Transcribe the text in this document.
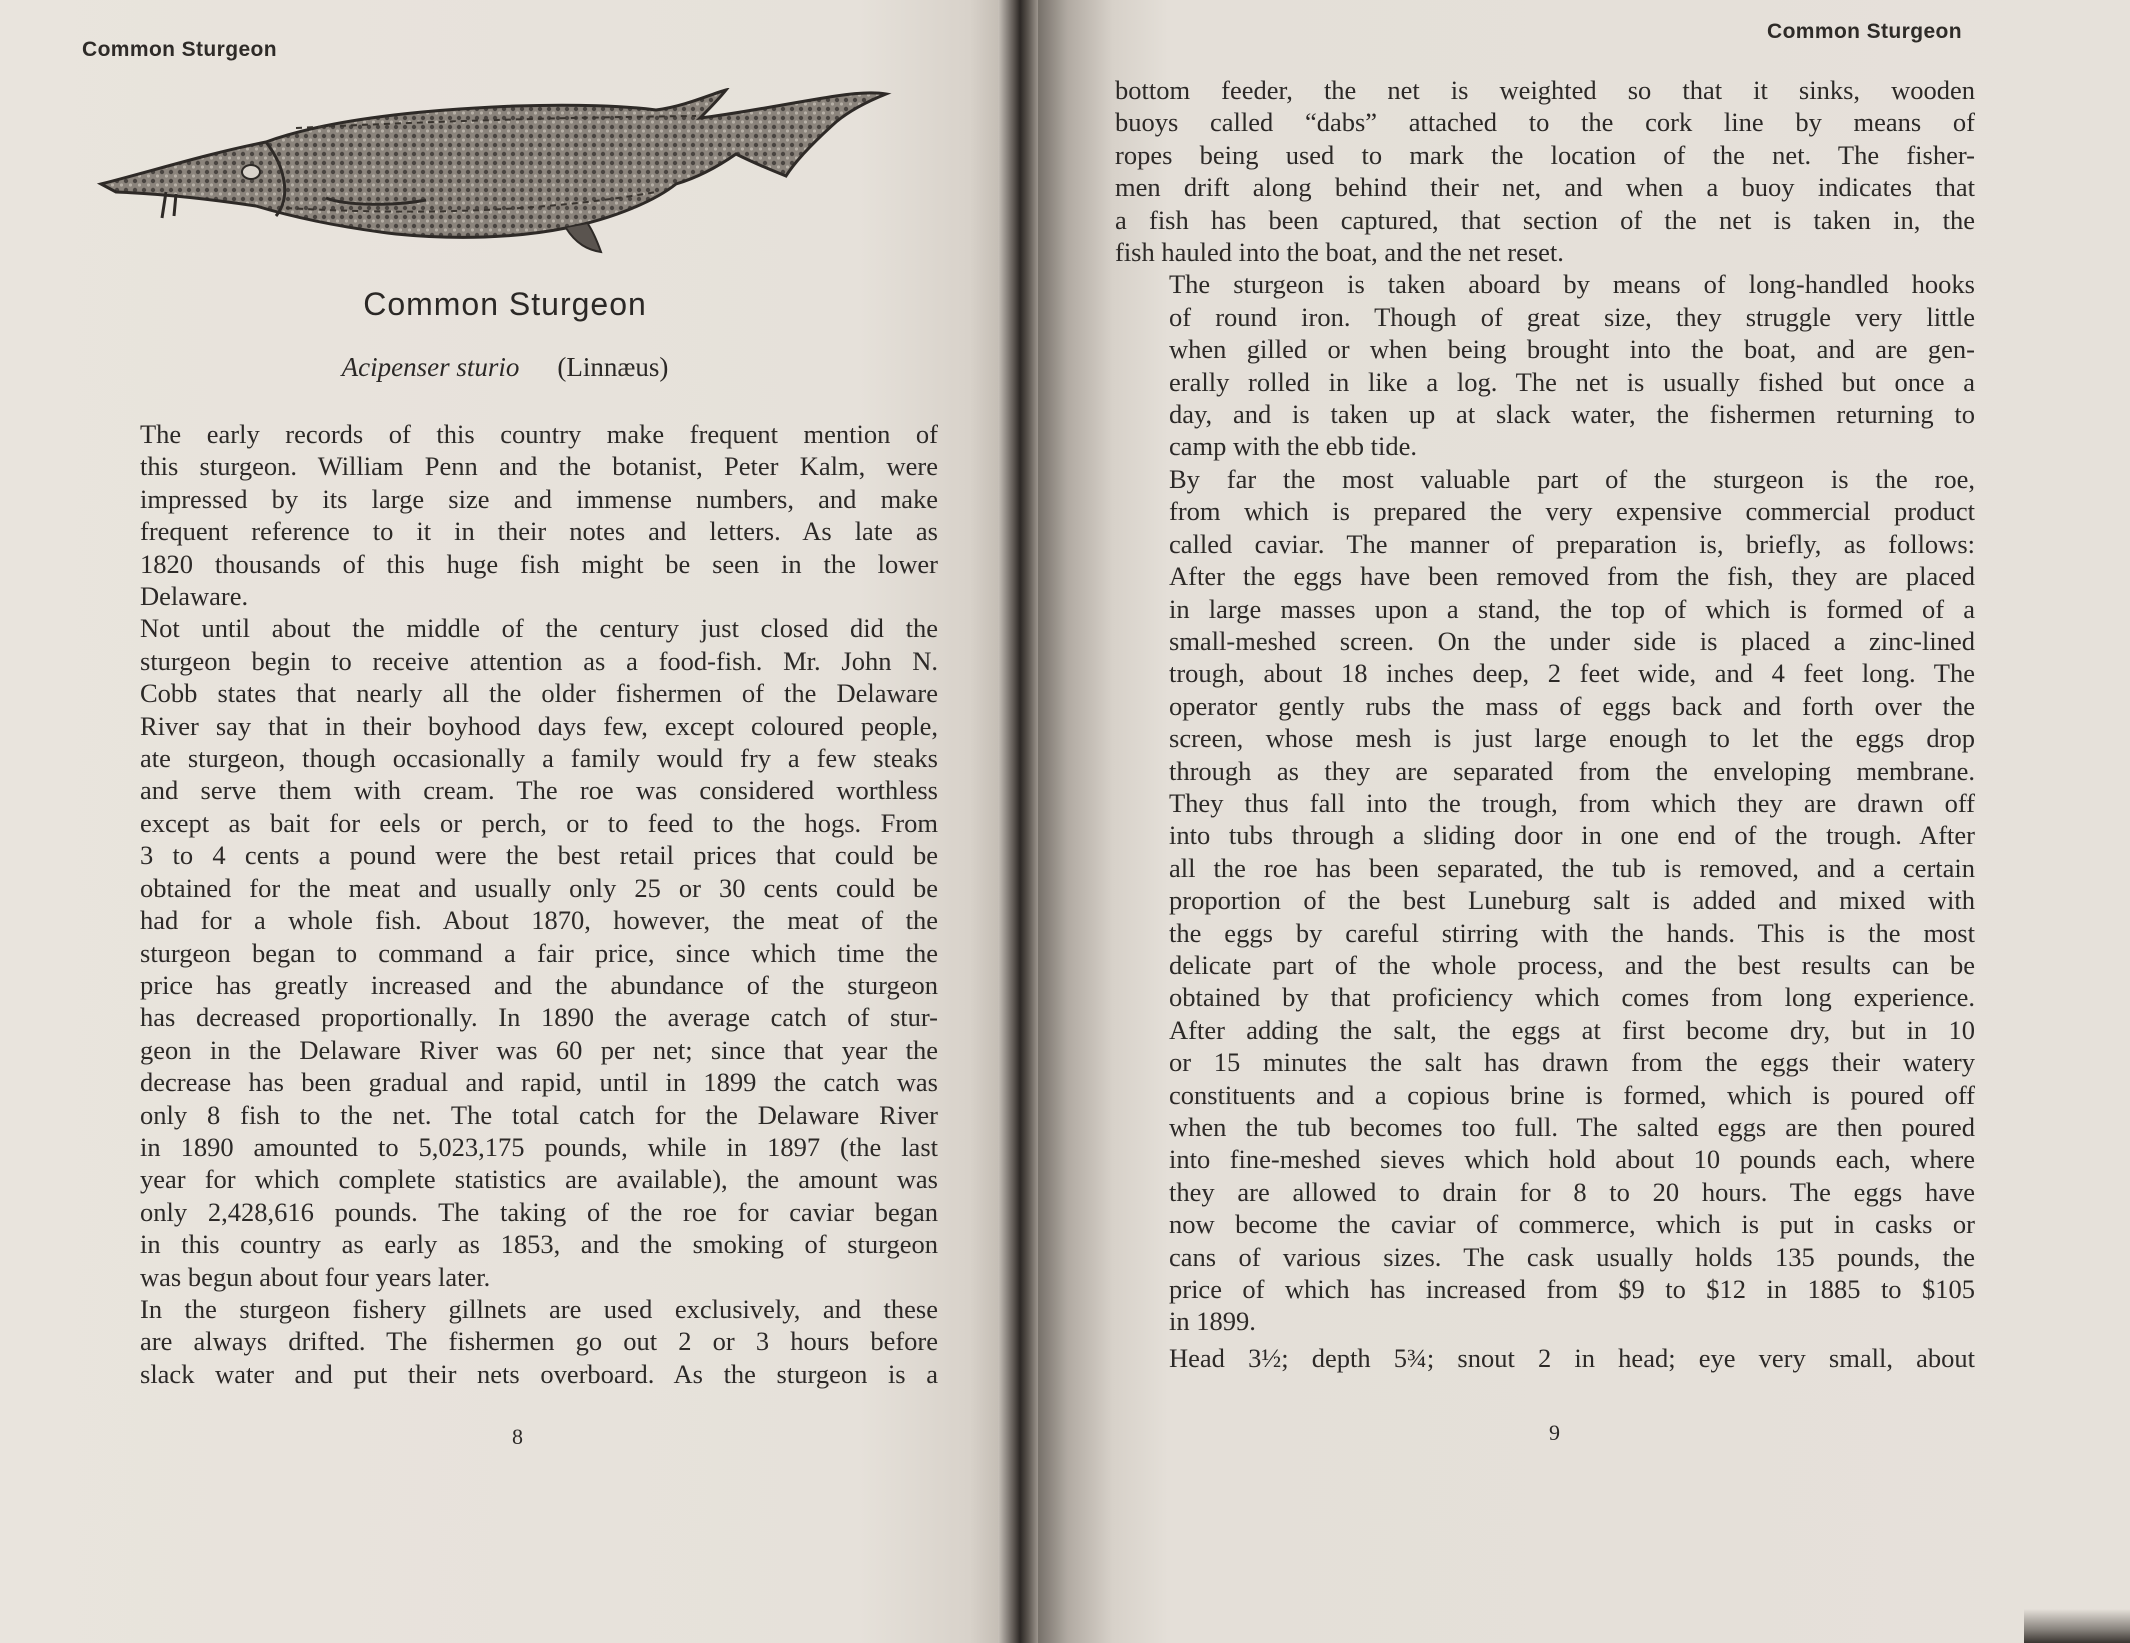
Common Sturgeon
Common Sturgeon
Acipenser sturio (Linnæus)

The early records of this country make frequent mention of
this sturgeon. William Penn and the botanist, Peter Kalm, were
impressed by its large size and immense numbers, and make
frequent reference to it in their notes and letters. As late as
1820 thousands of this huge fish might be seen in the lower
Delaware.

Not until about the middle of the century just closed did the
sturgeon begin to receive attention as a food-fish. Mr. John N.
Cobb states that nearly all the older fishermen of the Delaware
River say that in their boyhood days few, except coloured people,
ate sturgeon, though occasionally a family would fry a few steaks
and serve them with cream. The roe was considered worthless
except as bait for eels or perch, or to feed to the hogs. From
3 to 4 cents a pound were the best retail prices that could be
obtained for the meat and usually only 25 or 30 cents could be
had for a whole fish. About 1870, however, the meat of the
sturgeon began to command a fair price, since which time the
price has greatly increased and the abundance of the sturgeon
has decreased proportionally. In 1890 the average catch of stur-
geon in the Delaware River was 60 per net; since that year the
decrease has been gradual and rapid, until in 1899 the catch was
only 8 fish to the net. The total catch for the Delaware River
in 1890 amounted to 5,023,175 pounds, while in 1897 (the last
year for which complete statistics are available), the amount was
only 2,428,616 pounds. The taking of the roe for caviar began
in this country as early as 1853, and the smoking of sturgeon
was begun about four years later.

In the sturgeon fishery gillnets are used exclusively, and these
are always drifted. The fishermen go out 2 or 3 hours before
slack water and put their nets overboard. As the sturgeon is a

8
Common Sturgeon

bottom feeder, the net is weighted so that it sinks, wooden
buoys called “dabs” attached to the cork line by means of
ropes being used to mark the location of the net. The fisher-
men drift along behind their net, and when a buoy indicates that
a fish has been captured, that section of the net is taken in, the
fish hauled into the boat, and the net reset.

The sturgeon is taken aboard by means of long-handled hooks
of round iron. Though of great size, they struggle very little
when gilled or when being brought into the boat, and are gen-
erally rolled in like a log. The net is usually fished but once a
day, and is taken up at slack water, the fishermen returning to
camp with the ebb tide.

By far the most valuable part of the sturgeon is the roe,
from which is prepared the very expensive commercial product
called caviar. The manner of preparation is, briefly, as follows:
After the eggs have been removed from the fish, they are placed
in large masses upon a stand, the top of which is formed of a
small-meshed screen. On the under side is placed a zinc-lined
trough, about 18 inches deep, 2 feet wide, and 4 feet long. The
operator gently rubs the mass of eggs back and forth over the
screen, whose mesh is just large enough to let the eggs drop
through as they are separated from the enveloping membrane.
They thus fall into the trough, from which they are drawn off
into tubs through a sliding door in one end of the trough. After
all the roe has been separated, the tub is removed, and a certain
proportion of the best Luneburg salt is added and mixed with
the eggs by careful stirring with the hands. This is the most
delicate part of the whole process, and the best results can be
obtained by that proficiency which comes from long experience.
After adding the salt, the eggs at first become dry, but in 10
or 15 minutes the salt has drawn from the eggs their watery
constituents and a copious brine is formed, which is poured off
when the tub becomes too full. The salted eggs are then poured
into fine-meshed sieves which hold about 10 pounds each, where
they are allowed to drain for 8 to 20 hours. The eggs have
now become the caviar of commerce, which is put in casks or
cans of various sizes. The cask usually holds 135 pounds, the
price of which has increased from $9 to $12 in 1885 to $105
in 1899.

Head 3½; depth 5¾; snout 2 in head; eye very small, about

9
